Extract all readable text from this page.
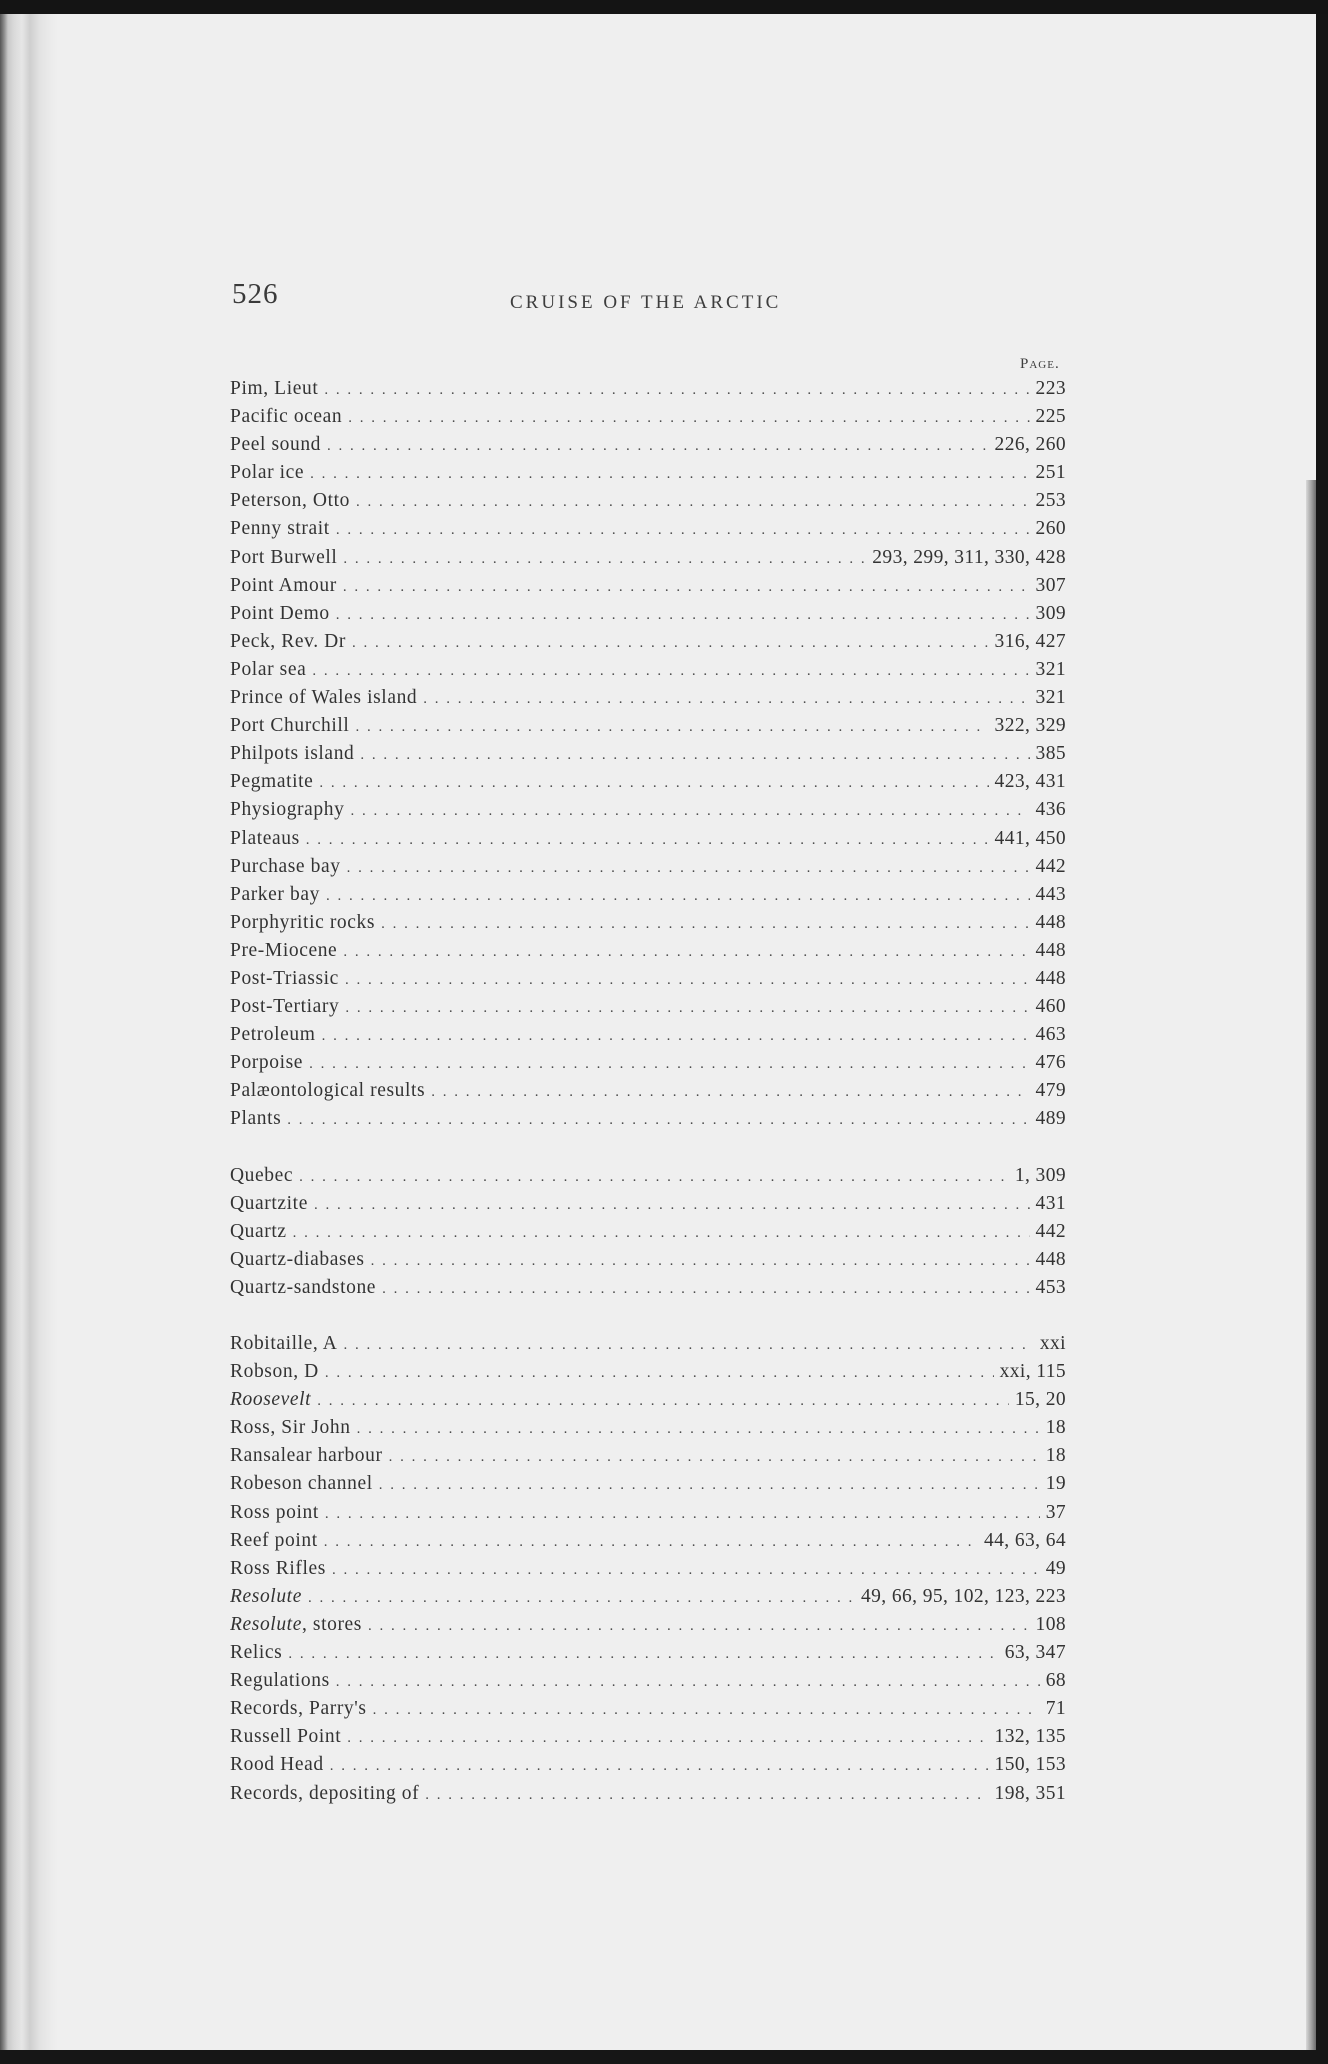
526	CRUISE OF THE ARCTIC
Page.
Pim, Lieut . . .	223
Pacific ocean . . .	225
Peel sound . . .	226, 260
Polar ice . . .	251
Peterson, Otto . . .	253
Penny strait . . .	260
Port Burwell . . .	293, 299, 311, 330, 428
Point Amour . . .	307
Point Demo . . .	309
Peck, Rev. Dr . . .	316, 427
Polar sea . . .	321
Prince of Wales island . . .	321
Port Churchill . . .	322, 329
Philpots island . . .	385
Pegmatite . . .	423, 431
Physiography . . .	436
Plateaus . . .	441, 450
Purchase bay . . .	442
Parker bay . . .	443
Porphyritic rocks . . .	448
Pre-Miocene . . .	448
Post-Triassic . . .	448
Post-Tertiary . . .	460
Petroleum . . .	463
Porpoise . . .	476
Palæontological results . . .	479
Plants . . .	489
Quebec . . .	1, 309
Quartzite . . .	431
Quartz . . .	442
Quartz-diabases . . .	448
Quartz-sandstone . . .	453
Robitaille, A . . .	xxi
Robson, D . . .	xxi, 115
Roosevelt . . .	15, 20
Ross, Sir John . . .	18
Ransalear harbour . . .	18
Robeson channel . . .	19
Ross point . . .	37
Reef point . . .	44, 63, 64
Ross Rifles . . .	49
Resolute . . .	49, 66, 95, 102, 123, 223
Resolute, stores . . .	108
Relics . . .	63, 347
Regulations . . .	68
Records, Parry's . . .	71
Russell Point . . .	132, 135
Rood Head . . .	150, 153
Records, depositing of . . .	198, 351
